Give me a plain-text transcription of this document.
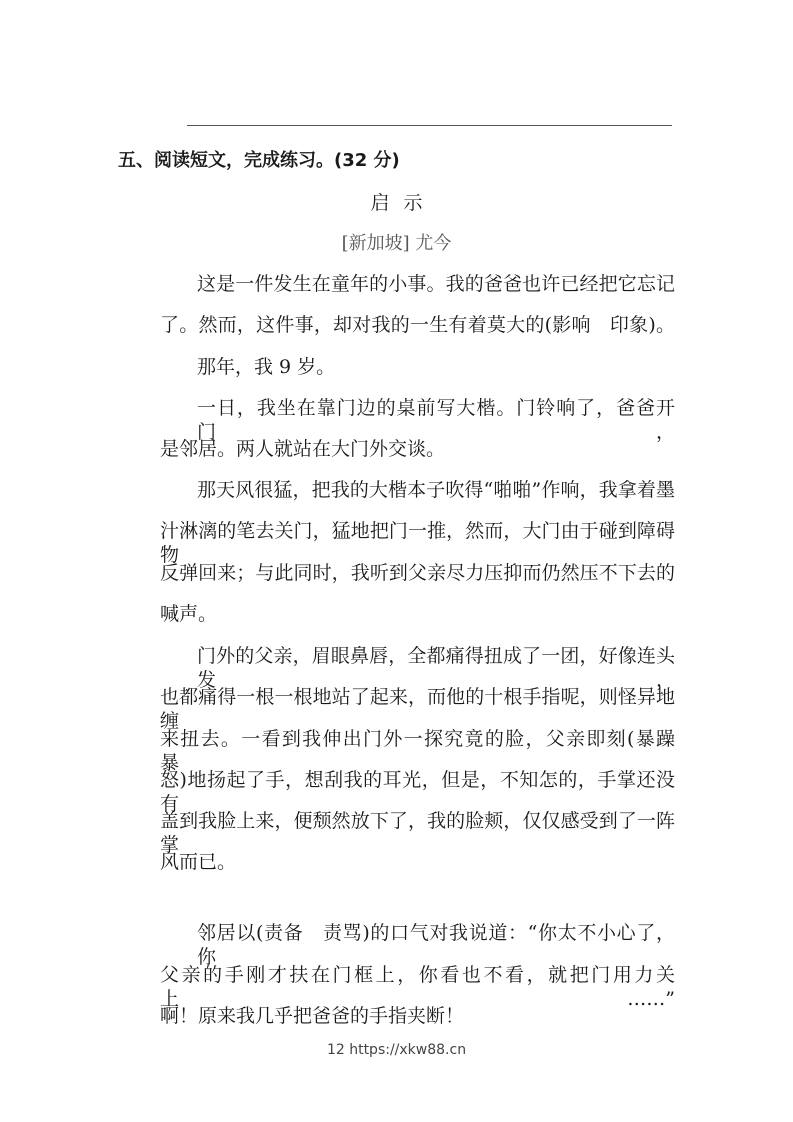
五、阅读短文，完成练习。(32 分)
启示
[新加坡] 尤今
这是一件发生在童年的小事。我的爸爸也许已经把它忘记
了。然而，这件事，却对我的一生有着莫大的(影响　印象)。
那年，我 9 岁。
一日，我坐在靠门边的桌前写大楷。门铃响了，爸爸开门，
是邻居。两人就站在大门外交谈。
那天风很猛，把我的大楷本子吹得“啪啪”作响，我拿着墨
汁淋漓的笔去关门，猛地把门一推，然而，大门由于碰到障碍物
反弹回来；与此同时，我听到父亲尽力压抑而仍然压不下去的
喊声。
门外的父亲，眉眼鼻唇，全都痛得扭成了一团，好像连头发，
也都痛得一根一根地站了起来，而他的十根手指呢，则怪异地缠
来扭去。一看到我伸出门外一探究竟的脸，父亲即刻(暴躁　暴
怒)地扬起了手，想刮我的耳光，但是，不知怎的，手掌还没有
盖到我脸上来，便颓然放下了，我的脸颊，仅仅感受到了一阵掌
风而已。
邻居以(责备　责骂)的口气对我说道：“你太不小心了，你
父亲的手刚才扶在门框上，你看也不看，就把门用力关上……”
啊！原来我几乎把爸爸的手指夹断！
12 https://xkw88.cn
